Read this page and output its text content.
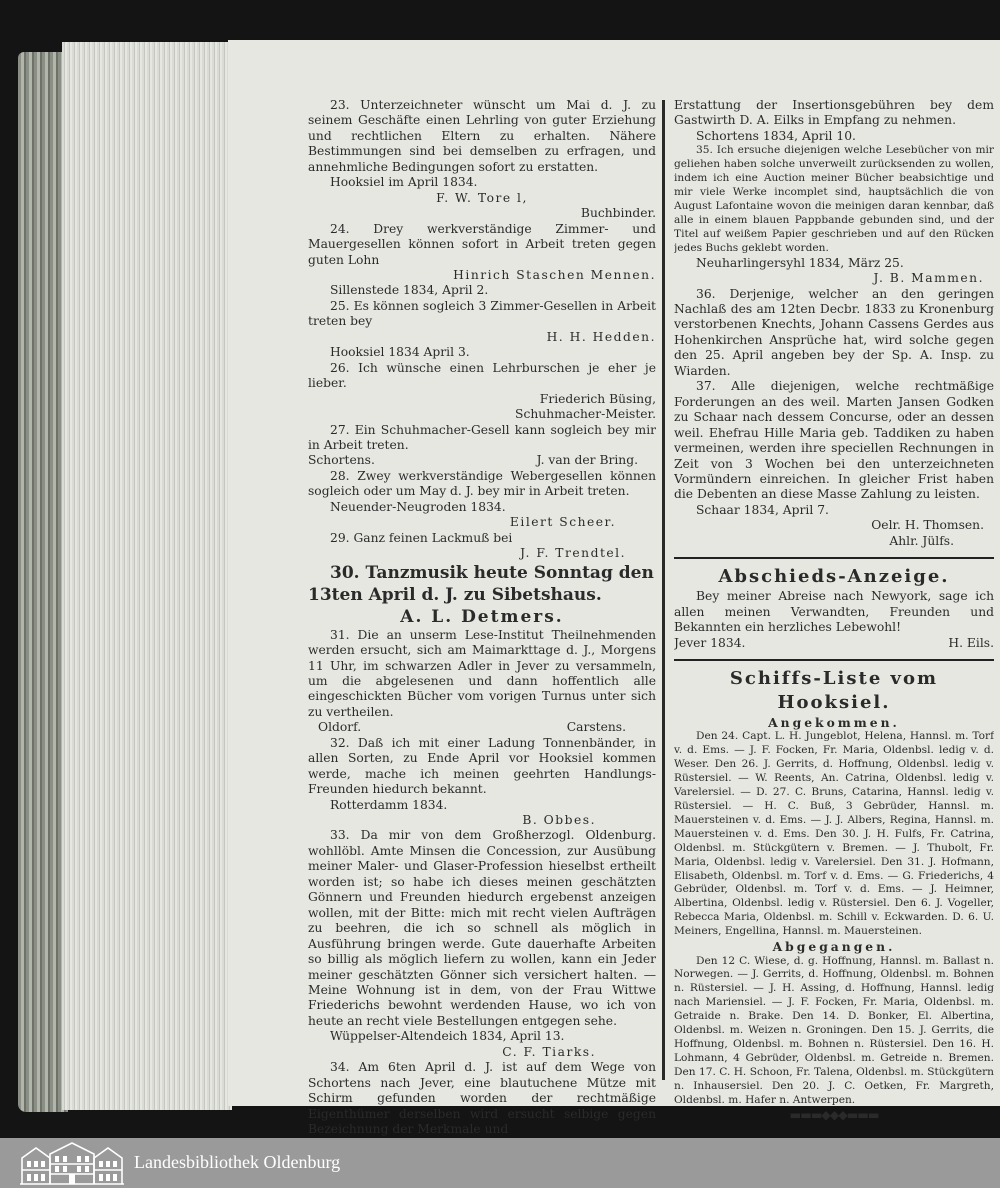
23. Unterzeichneter wünscht um Mai d. J. zu seinem Geschäfte einen Lehrling von guter Erziehung und rechtlichen Eltern zu erhalten. Nähere Bestimmungen sind bei demselben zu erfragen, und annehmliche Bedingungen sofort zu erstatten.

Hooksiel im April 1834.

F. W. Tore l,

Buchbinder.

24. Drey werkverständige Zimmer- und Mauergesellen können sofort in Arbeit treten gegen guten Lohn

Hinrich Staschen Mennen.

Sillenstede 1834, April 2.

25. Es können sogleich 3 Zimmer-Gesellen in Arbeit treten bey

H. H. Hedden.

Hooksiel 1834 April 3.

26. Ich wünsche einen Lehrburschen je eher je lieber.

Friederich Büsing,

Schuhmacher-Meister.

27. Ein Schuhmacher-Gesell kann sogleich bey mir in Arbeit treten.

Schortens.	J. van der Bring.

28. Zwey werkverständige Webergesellen können sogleich oder um May d. J. bey mir in Arbeit treten.

Neuender-Neugroden 1834.

Eilert Scheer.

29. Ganz feinen Lackmuß bei

J. F. Trendtel.

30. Tanzmusik heute Sonntag den

13ten April d. J. zu Sibetshaus.

A. L. Detmers.

31. Die an unserm Lese-Institut Theilnehmenden werden ersucht, sich am Maimarkttage d. J., Morgens 11 Uhr, im schwarzen Adler in Jever zu versammeln, um die abgelesenen und dann hoffentlich alle eingeschickten Bücher vom vorigen Turnus unter sich zu vertheilen.

Oldorf.	Carstens.

32. Daß ich mit einer Ladung Tonnenbänder, in allen Sorten, zu Ende April vor Hooksiel kommen werde, mache ich meinen geehrten Handlungs-Freunden hiedurch bekannt.

Rotterdamm 1834.

B. Obbes.

33. Da mir von dem Großherzogl. Oldenburg. wohllöbl. Amte Minsen die Concession, zur Ausübung meiner Maler- und Glaser-Profession hieselbst ertheilt worden ist; so habe ich dieses meinen geschätzten Gönnern und Freunden hiedurch ergebenst anzeigen wollen, mit der Bitte: mich mit recht vielen Aufträgen zu beehren, die ich so schnell als möglich in Ausführung bringen werde. Gute dauerhafte Arbeiten so billig als möglich liefern zu wollen, kann ein Jeder meiner geschätzten Gönner sich versichert halten. — Meine Wohnung ist in dem, von der Frau Wittwe Friederichs bewohnt werdenden Hause, wo ich von heute an recht viele Bestellungen entgegen sehe.

Wüppelser-Altendeich 1834, April 13.

C. F. Tiarks.

34. Am 6ten April d. J. ist auf dem Wege von Schortens nach Jever, eine blautuchene Mütze mit Schirm gefunden worden der rechtmäßige Eigenthümer derselben wird ersucht selbige gegen Bezeichnung der Merkmale und

Erstattung der Insertionsgebühren bey dem Gastwirth D. A. Eilks in Empfang zu nehmen.

Schortens 1834, April 10.

35. Ich ersuche diejenigen welche Lesebücher von mir geliehen haben solche unverweilt zurücksenden zu wollen, indem ich eine Auction meiner Bücher beabsichtige und mir viele Werke incomplet sind, hauptsächlich die von August Lafontaine wovon die meinigen daran kennbar, daß alle in einem blauen Pappbande gebunden sind, und der Titel auf weißem Papier geschrieben und auf den Rücken jedes Buchs geklebt worden.

Neuharlingersyhl 1834, März 25.

J. B. Mammen.

36. Derjenige, welcher an den geringen Nachlaß des am 12ten Decbr. 1833 zu Kronenburg verstorbenen Knechts, Johann Cassens Gerdes aus Hohenkirchen Ansprüche hat, wird solche gegen den 25. April angeben bey der Sp. A. Insp. zu Wiarden.

37. Alle diejenigen, welche rechtmäßige Forderungen an des weil. Marten Jansen Godken zu Schaar nach dessem Concurse, oder an dessen weil. Ehefrau Hille Maria geb. Taddiken zu haben vermeinen, werden ihre speciellen Rechnungen in Zeit von 3 Wochen bei den unterzeichneten Vormündern einreichen. In gleicher Frist haben die Debenten an diese Masse Zahlung zu leisten.

Schaar 1834, April 7.

Oelr. H. Thomsen.

Ahlr. Jülfs.

Abschieds-Anzeige.

Bey meiner Abreise nach Newyork, sage ich allen meinen Verwandten, Freunden und Bekannten ein herzliches Lebewohl!

Jever 1834.	H. Eils.

Schiffs-Liste vom Hooksiel.

Angekommen.

Den 24. Capt. L. H. Jungeblot, Helena, Hannsl. m. Torf v. d. Ems. — J. F. Focken, Fr. Maria, Oldenbsl. ledig v. d. Weser. Den 26. J. Gerrits, d. Hoffnung, Oldenbsl. ledig v. Rüstersiel. — W. Reents, An. Catrina, Oldenbsl. ledig v. Varelersiel. — D. 27. C. Bruns, Catarina, Hannsl. ledig v. Rüstersiel. — H. C. Buß, 3 Gebrüder, Hannsl. m. Mauersteinen v. d. Ems. — J. J. Albers, Regina, Hannsl. m. Mauersteinen v. d. Ems. Den 30. J. H. Fulfs, Fr. Catrina, Oldenbsl. m. Stückgütern v. Bremen. — J. Thubolt, Fr. Maria, Oldenbsl. ledig v. Varelersiel. Den 31. J. Hofmann, Elisabeth, Oldenbsl. m. Torf v. d. Ems. — G. Friederichs, 4 Gebrüder, Oldenbsl. m. Torf v. d. Ems. — J. Heimner, Albertina, Oldenbsl. ledig v. Rüstersiel. Den 6. J. Vogeller, Rebecca Maria, Oldenbsl. m. Schill v. Eckwarden. D. 6. U. Meiners, Engellina, Hannsl. m. Mauersteinen.

Abgegangen.

Den 12 C. Wiese, d. g. Hoffnung, Hannsl. m. Ballast n. Norwegen. — J. Gerrits, d. Hoffnung, Oldenbsl. m. Bohnen n. Rüstersiel. — J. H. Assing, d. Hoffnung, Hannsl. ledig nach Mariensiel. — J. F. Focken, Fr. Maria, Oldenbsl. m. Getraide n. Brake. Den 14. D. Bonker, El. Albertina, Oldenbsl. m. Weizen n. Groningen. Den 15. J. Gerrits, die Hoffnung, Oldenbsl. m. Bohnen n. Rüstersiel. Den 16. H. Lohmann, 4 Gebrüder, Oldenbsl. m. Getreide n. Bremen. Den 17. C. H. Schoon, Fr. Talena, Oldenbsl. m. Stückgütern n. Inhausersiel. Den 20. J. C. Oetken, Fr. Margreth, Oldenbsl. m. Hafer n. Antwerpen.

▬▬▬◆◆◆▬▬▬

Landesbibliothek Oldenburg
